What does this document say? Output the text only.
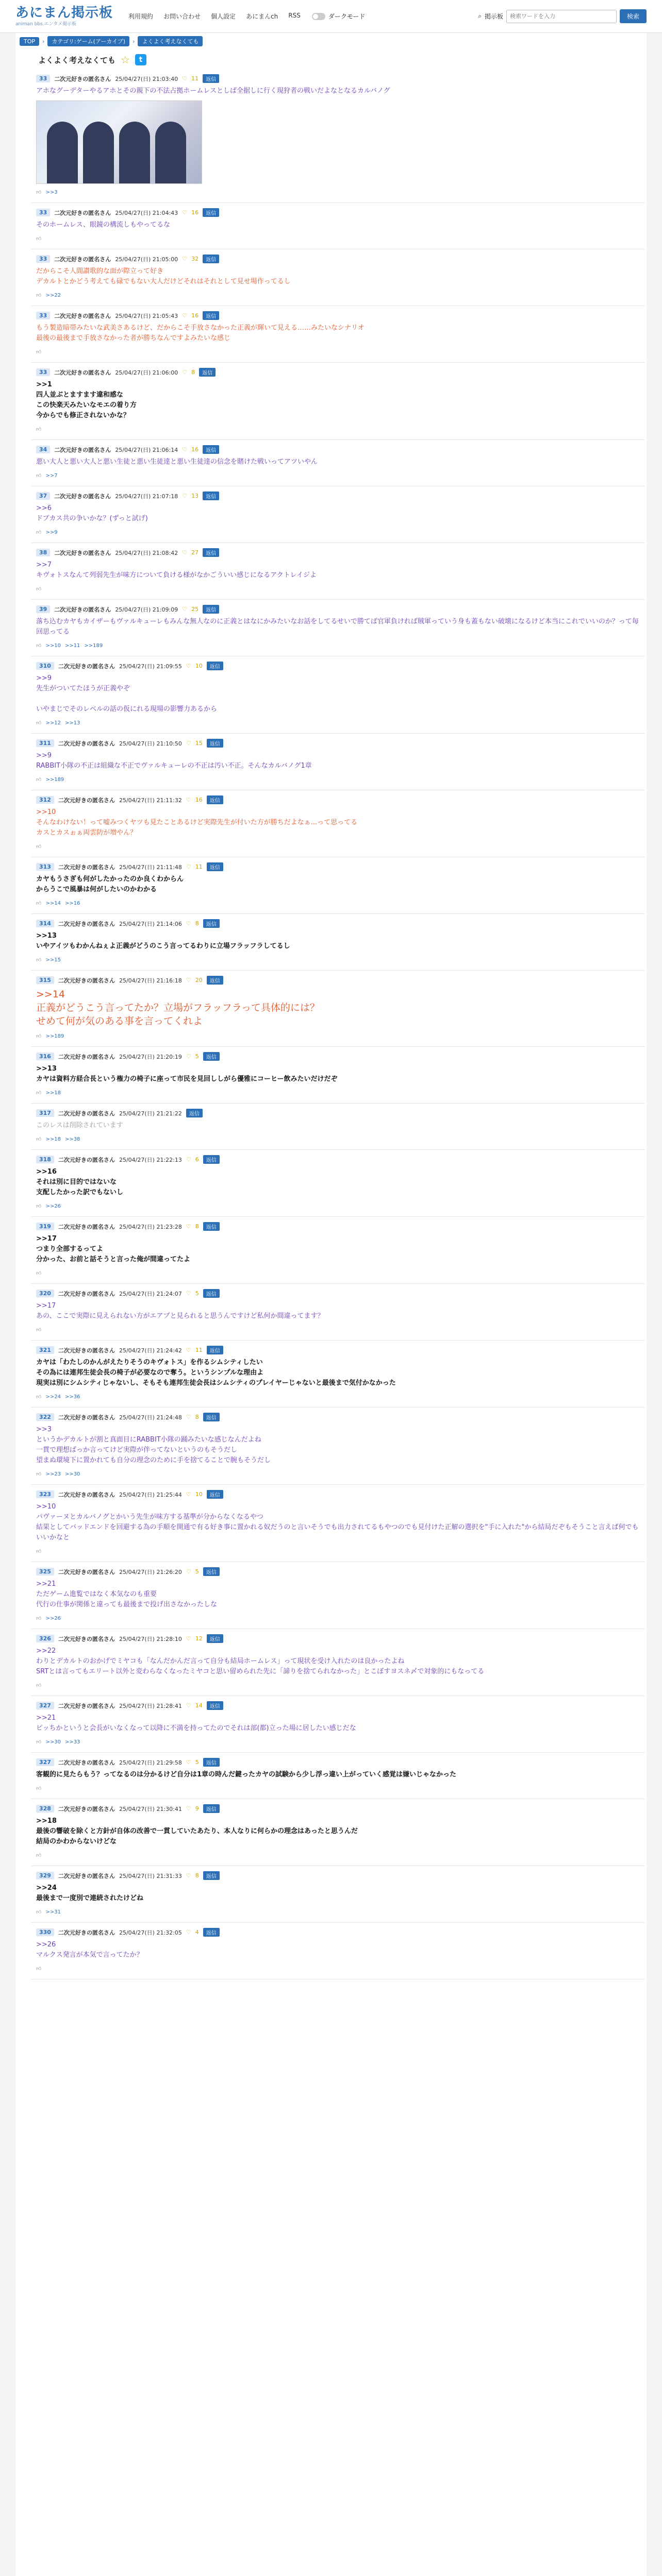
あにまん掲示板
animan bbs.エンタメ掲示板
利用規約 お問い合わせ 個人設定 あにまんch RSS	ダークモード	⌕ 掲示板
検索ワードを入力	検索
TOP	›	カテゴリ:ゲーム(アーカイブ)	›	よくよく考えなくても
よくよく考えなくても ☆	t
33	二次元好きの匿名さん 25/04/27(日) 21:03:40 ♡ 11	返信
アホなグーデターやるアホとその親下の不法占拠ホームレスとしば全据しに行く現狩者の戦いだよなとなるカルバノグ
👍︎ >>3
33	二次元好きの匿名さん 25/04/27(日) 21:04:43 ♡ 16	返信
そのホームレス、眼鏡の構流しもやってるな
👍︎
33	二次元好きの匿名さん 25/04/27(日) 21:05:00 ♡ 32	返信
だからこそ人間讃歌的な面が際立って好き
デカルトとかどう考えても碌でもない大人だけどそれはそれとして見せ場作ってるし
👍︎ >>22
33	二次元好きの匿名さん 25/04/27(日) 21:05:43 ♡ 16	返信
もう製造暗帯みたいな武美さあるけど、だからこそ手放さなかった正義が輝いて見える……みたいなシナリオ
最後の最後まで手放さなかった者が勝ちなんですよみたいな感じ
👍︎
33	二次元好きの匿名さん 25/04/27(日) 21:06:00 ♡ 8	返信
>>1
四人並ぶとますます違和感な
この快楽天みたいなモエの着り方
今からでも修正されないかな？
👍︎
34	二次元好きの匿名さん 25/04/27(日) 21:06:14 ♡ 16	返信
悪い大人と悪い大人と悪い生徒と悪い生徒達と悪い生徒達の信念を賭けた戦いってアツいやん
👍︎ >>7
37	二次元好きの匿名さん 25/04/27(日) 21:07:18 ♡ 13	返信
>>6
ドブカス共の争いかな？(ずっと試げ)
👍︎ >>9
38	二次元好きの匿名さん 25/04/27(日) 21:08:42 ♡ 27	返信
>>7
キヴォトスなんて列弱先生が味方について負ける様がなかごういい感じになるアクトレイジよ
👍︎
39	二次元好きの匿名さん 25/04/27(日) 21:09:09 ♡ 25	返信
落ち込むカヤもカイザーもヴァルキューレもみんな無人なのに正義とはなにかみたいなお話をしてるせいで勝てば官軍負ければ賊軍っていう身も蓋もない破壊になるけど本当にこれでいいのか？って毎回思ってる
👍︎ >>10 >>11 >>189
310	二次元好きの匿名さん 25/04/27(日) 21:09:55 ♡ 10	返信
>>9
先生がついてたほうが正義やぞ

いやまじでそのレベルの話の仮にれる現場の影響力あるから
👍︎ >>12 >>13
311	二次元好きの匿名さん 25/04/27(日) 21:10:50 ♡ 15	返信
>>9
RABBIT小隊の不正は組織な不正でヴァルキューレの不正は汚い不正。そんなカルバノグ1章
👍︎ >>189
312	二次元好きの匿名さん 25/04/27(日) 21:11:32 ♡ 16	返信
>>10
そんなわけない！って嘘みつくヤツも見たことあるけど実際先生が付いた方が勝ちだよなぁ...って思ってる
カスとカスぉぁ両雲防が増やん？
👍︎
313	二次元好きの匿名さん 25/04/27(日) 21:11:48 ♡ 11	返信
カヤもうさぎも何がしたかったのか良くわからん
からうこで風暴は何がしたいのかわかる
👍︎ >>14 >>16
314	二次元好きの匿名さん 25/04/27(日) 21:14:06 ♡ 8	返信
>>13
いやアイツもわかんねぇよ正義がどうのこう言ってるわりに立場フラッフラしてるし
👍︎ >>15
315	二次元好きの匿名さん 25/04/27(日) 21:16:18 ♡ 20	返信
>>14
正義がどうこう言ってたか？立場がフラッフラって具体的には？
せめて何が気のある事を言ってくれよ
👍︎ >>189
316	二次元好きの匿名さん 25/04/27(日) 21:20:19 ♡ 5	返信
>>13
カヤは資料方経合長という権力の椅子に座って市民を見回ししがら優雅にコーヒー飲みたいだけだぞ
👍︎ >>18
317	二次元好きの匿名さん 25/04/27(日) 21:21:22	返信
このレスは削除されています
👍︎ >>18 >>38
318	二次元好きの匿名さん 25/04/27(日) 21:22:13 ♡ 6	返信
>>16
それは別に目的ではないな
支配したかった訳でもないし
👍︎ >>26
319	二次元好きの匿名さん 25/04/27(日) 21:23:28 ♡ 8	返信
>>17
つまり全部するってよ
分かった、お前と話そうと言った俺が間違ってたよ
👍︎
320	二次元好きの匿名さん 25/04/27(日) 21:24:07 ♡ 5	返信
>>17
あの、ここで実際に見えられない方がエアプと見られると思うんですけど私何か間違ってます？
👍︎
321	二次元好きの匿名さん 25/04/27(日) 21:24:42 ♡ 11	返信
カヤは「わたしのかんがえたりそうのキヴォトス」を作るシムシティしたい
その為には連邦生徒会長の椅子が必要なので奪う。というシンプルな理由よ
現実は別にシムシティじゃないし、そもそも連邦生徒会長はシムシティのプレイヤーじゃないと最後まで気付かなかった
👍︎ >>24 >>36
322	二次元好きの匿名さん 25/04/27(日) 21:24:48 ♡ 8	返信
>>3
というかデカルトが割と真面目にRABBIT小隊の踊みたいな感じなんだよね
一貫で理想ばっか言ってけど実際が伴ってないというのもそうだし
望まぬ環境下に置かれても自分の理念のために手を捨てることで腕もそうだし
👍︎ >>23 >>30
323	二次元好きの匿名さん 25/04/27(日) 21:25:44 ♡ 10	返信
>>10
パヴァーヌとカルバノグとかいう先生が味方する基準が分からなくなるやつ
結果としてバッドエンドを回避する為の手順を開通で有る好き事に置かれる奴だうのと言いそうでも出力されてるもやつのでも見付けた正解の選択を"手に入れた"から結局だぞもそうこと言えば何でもいいかなと
👍︎
325	二次元好きの匿名さん 25/04/27(日) 21:26:20 ♡ 5	返信
>>21
ただゲーム進覧ではなく本気なのも重要
代行の仕事が関係と違っても最後まで投げ出さなかったしな
👍︎ >>26
326	二次元好きの匿名さん 25/04/27(日) 21:28:10 ♡ 12	返信
>>22
わりとデカルトのおかげでミヤコも「なんだかんだ言って自分も結局ホームレス」って現状を受け入れたのは良かったよね
SRTとは言ってもエリート以外と変わらなくなったミヤコと思い留められた先に「諦りを捨てられなかった」とこぼすヨスネ〆で対象的にもなってる
👍︎
327	二次元好きの匿名さん 25/04/27(日) 21:28:41 ♡ 14	返信
>>21
ピッちかというと会長がいなくなって以降に不満を持ってたのでそれは部(都)立った場に居したい感じだな
👍︎ >>30 >>33
327	二次元好きの匿名さん 25/04/27(日) 21:29:58 ♡ 5	返信
客観的に見たらもう？ってなるのは分かるけど自分は1章の時んだ鍵ったカヤの試験から少し浮っ違い上がっていく感覚は嫌いじゃなかった
👍︎
328	二次元好きの匿名さん 25/04/27(日) 21:30:41 ♡ 9	返信
>>18
最後の響破を除くと方針が自体の改善で一貫していたあたり、本人なりに何らかの理念はあったと思うんだ
結局のかわからないけどな
👍︎
329	二次元好きの匿名さん 25/04/27(日) 21:31:33 ♡ 8	返信
>>24
最後まで一度別で連続されたけどね
👍︎ >>31
330	二次元好きの匿名さん 25/04/27(日) 21:32:05 ♡ 4	返信
>>26
マルクス発言が本気で言ってたか？
👍︎
